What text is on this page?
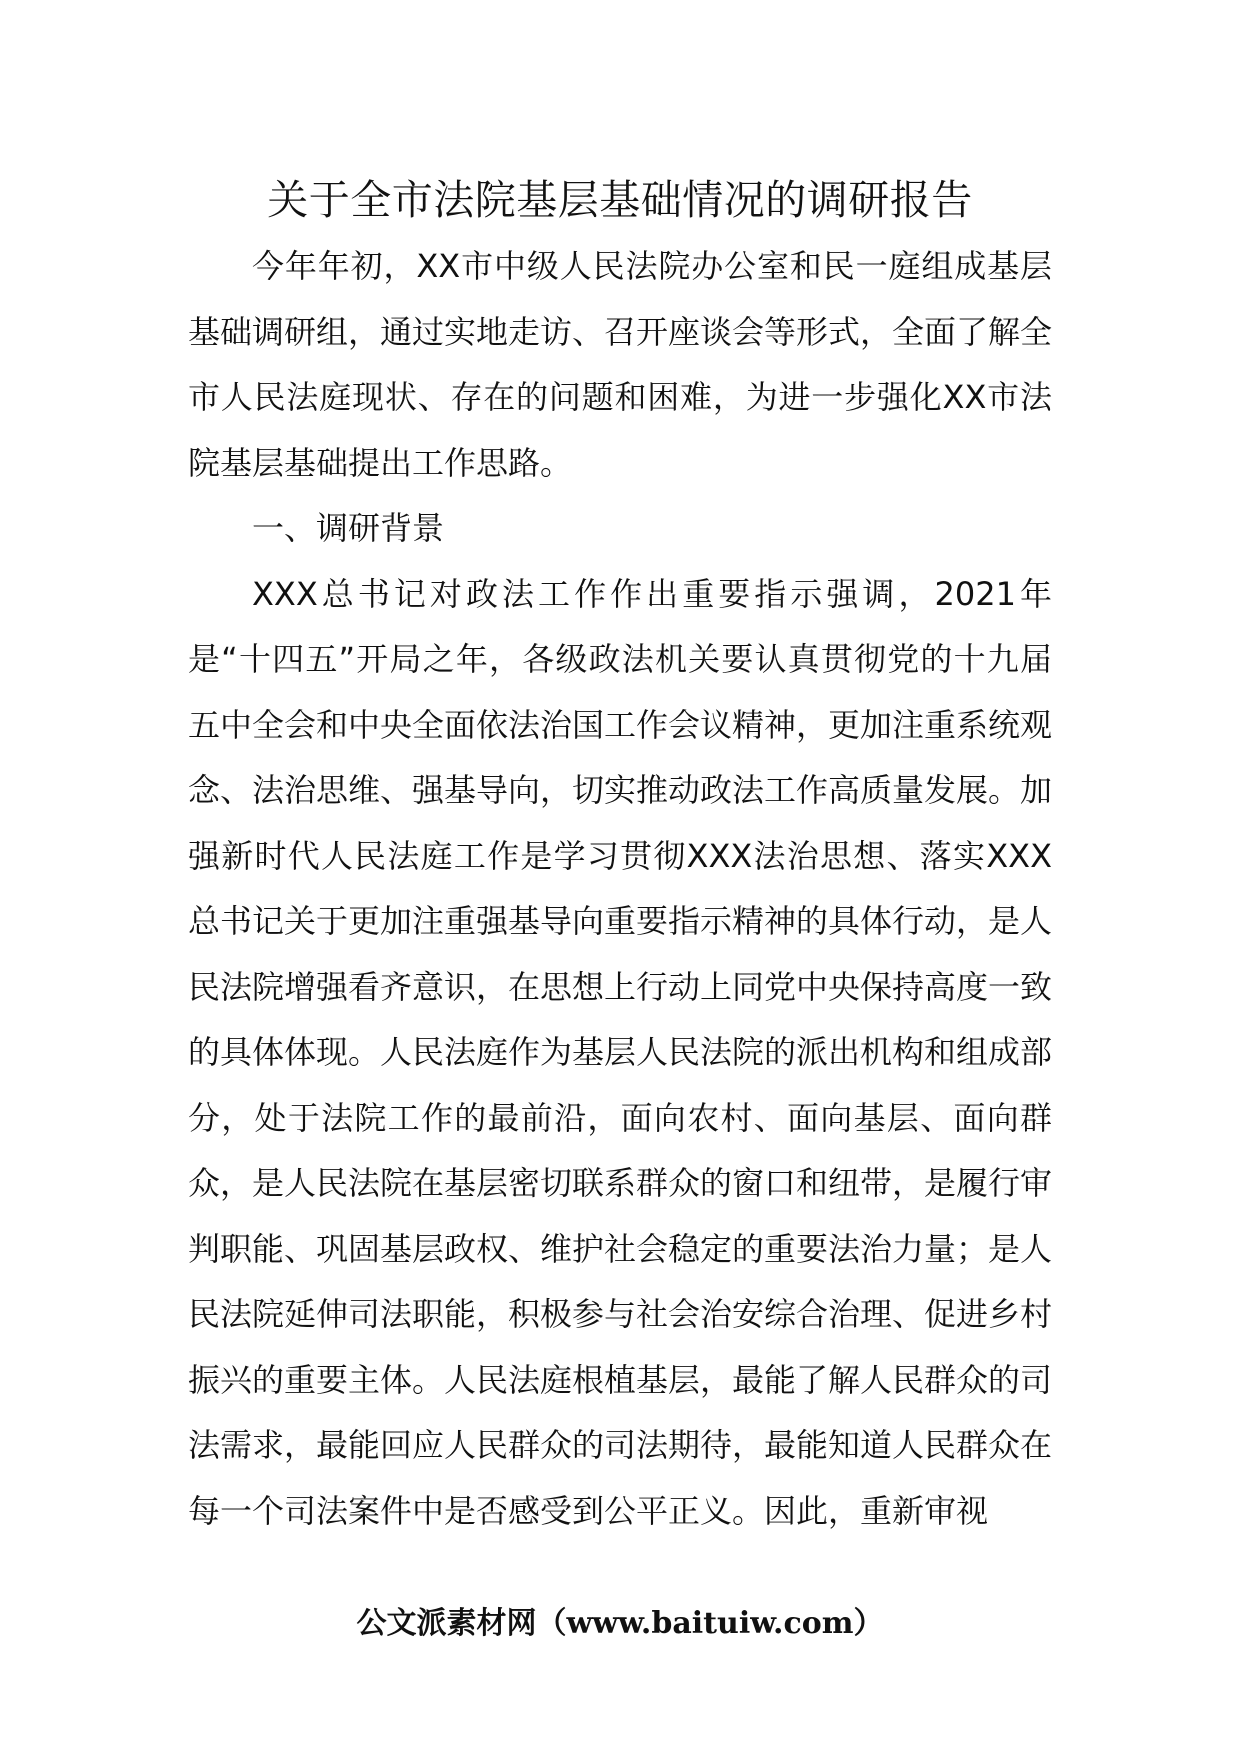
关于全市法院基层基础情况的调研报告

今年年初，XX市中级人民法院办公室和民一庭组成基层基础调研组，通过实地走访、召开座谈会等形式，全面了解全市人民法庭现状、存在的问题和困难，为进一步强化XX市法院基层基础提出工作思路。

一、调研背景

XXX总书记对政法工作作出重要指示强调，2021年是“十四五”开局之年，各级政法机关要认真贯彻党的十九届五中全会和中央全面依法治国工作会议精神，更加注重系统观念、法治思维、强基导向，切实推动政法工作高质量发展。加强新时代人民法庭工作是学习贯彻XXX法治思想、落实XXX总书记关于更加注重强基导向重要指示精神的具体行动，是人民法院增强看齐意识，在思想上行动上同党中央保持高度一致的具体体现。人民法庭作为基层人民法院的派出机构和组成部分，处于法院工作的最前沿，面向农村、面向基层、面向群众，是人民法院在基层密切联系群众的窗口和纽带，是履行审判职能、巩固基层政权、维护社会稳定的重要法治力量；是人民法院延伸司法职能，积极参与社会治安综合治理、促进乡村振兴的重要主体。人民法庭根植基层，最能了解人民群众的司法需求，最能回应人民群众的司法期待，最能知道人民群众在每一个司法案件中是否感受到公平正义。因此，重新审视

公文派素材网（www.baituiw.com）
